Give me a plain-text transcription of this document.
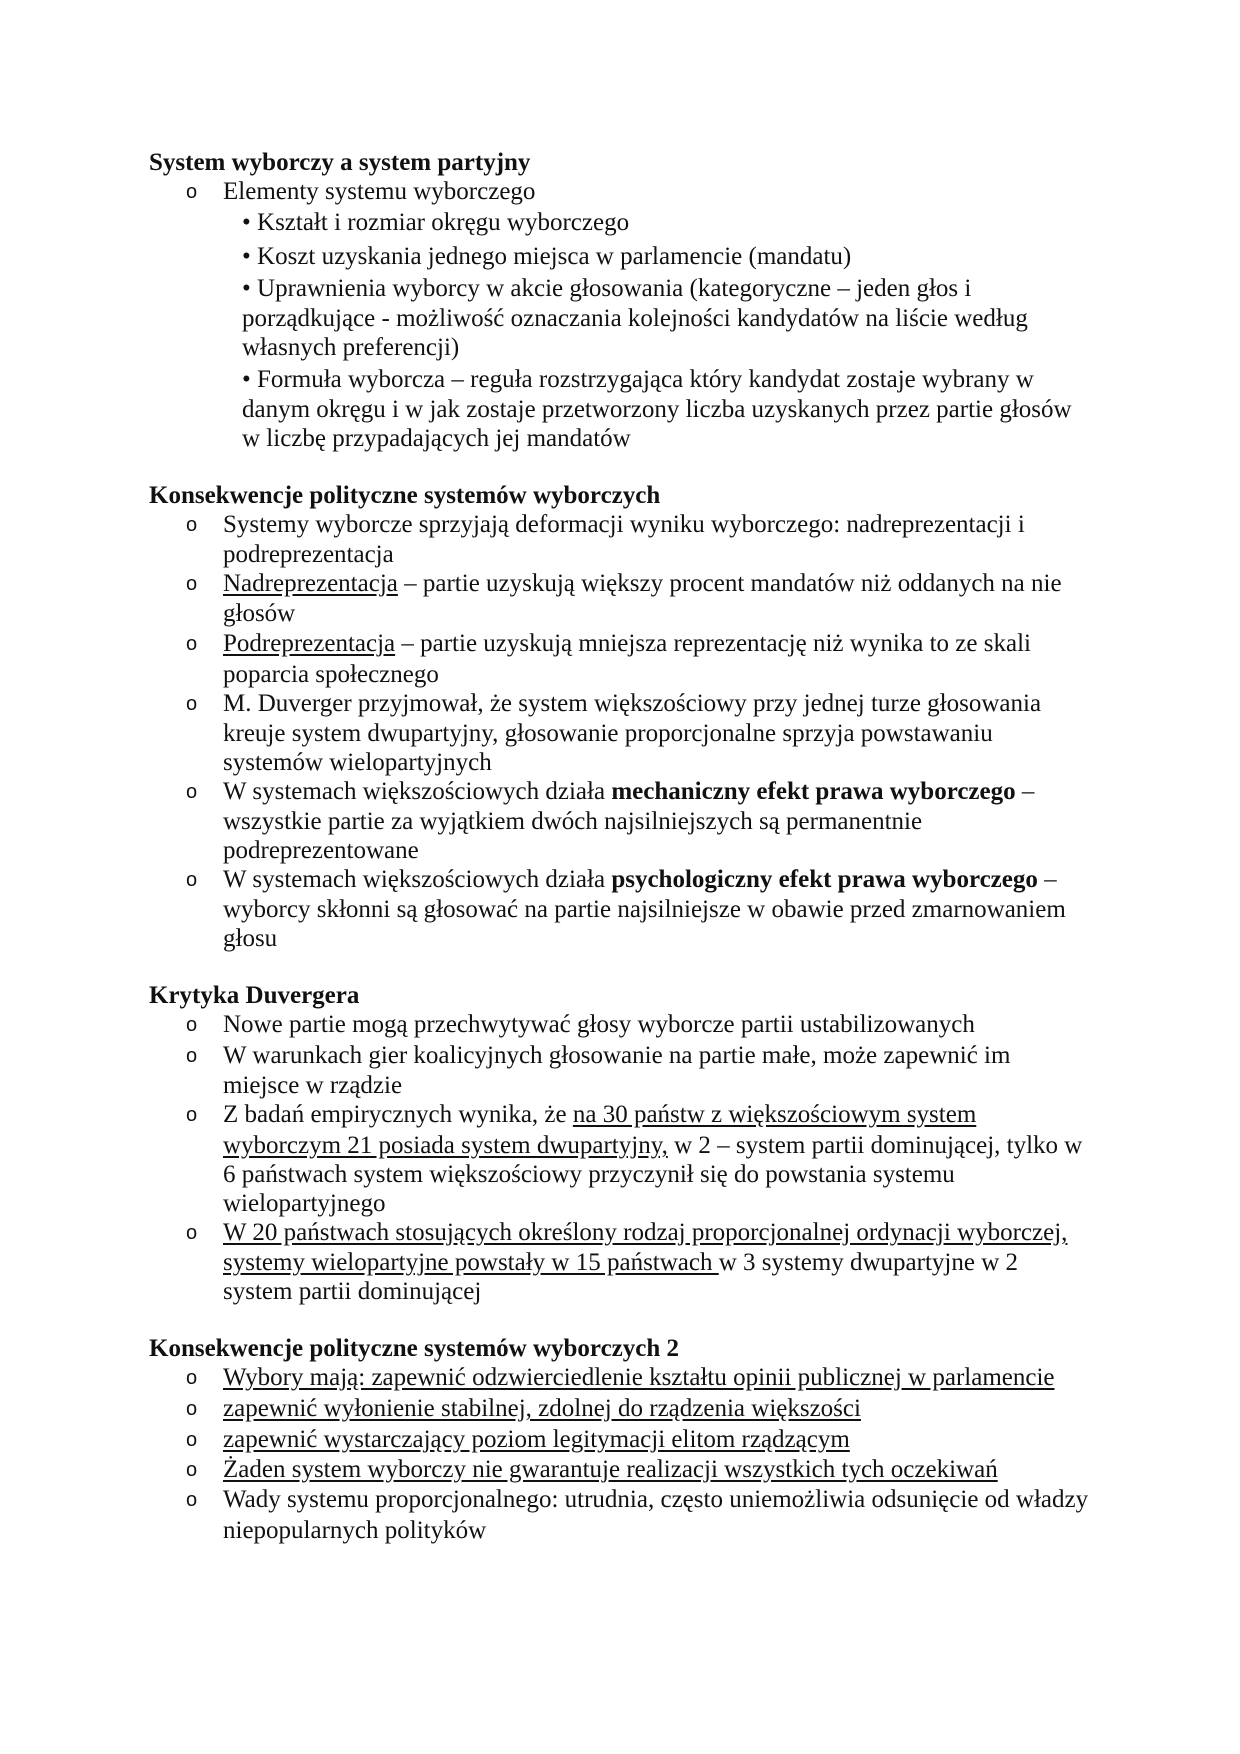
System wyborczy a system partyjny
o Elementy systemu wyborczego
• Kształt i rozmiar okręgu wyborczego
• Koszt uzyskania jednego miejsca w parlamencie (mandatu)
• Uprawnienia wyborcy w akcie głosowania (kategoryczne – jeden głos i
porządkujące - możliwość oznaczania kolejności kandydatów na liście według
własnych preferencji)
• Formuła wyborcza – reguła rozstrzygająca który kandydat zostaje wybrany w
danym okręgu i w jak zostaje przetworzony liczba uzyskanych przez partie głosów
w liczbę przypadających jej mandatów
Konsekwencje polityczne systemów wyborczych
o Systemy wyborcze sprzyjają deformacji wyniku wyborczego: nadreprezentacji i
podreprezentacja
o Nadreprezentacja – partie uzyskują większy procent mandatów niż oddanych na nie
głosów
o Podreprezentacja – partie uzyskują mniejsza reprezentację niż wynika to ze skali
poparcia społecznego
o M. Duverger przyjmował, że system większościowy przy jednej turze głosowania
kreuje system dwupartyjny, głosowanie proporcjonalne sprzyja powstawaniu
systemów wielopartyjnych
o W systemach większościowych działa mechaniczny efekt prawa wyborczego –
wszystkie partie za wyjątkiem dwóch najsilniejszych są permanentnie
podreprezentowane
o W systemach większościowych działa psychologiczny efekt prawa wyborczego –
wyborcy skłonni są głosować na partie najsilniejsze w obawie przed zmarnowaniem
głosu
Krytyka Duvergera
o Nowe partie mogą przechwytywać głosy wyborcze partii ustabilizowanych
o W warunkach gier koalicyjnych głosowanie na partie małe, może zapewnić im
miejsce w rządzie
o Z badań empirycznych wynika, że na 30 państw z większościowym system
wyborczym 21 posiada system dwupartyjny, w 2 – system partii dominującej, tylko w
6 państwach system większościowy przyczynił się do powstania systemu
wielopartyjnego
o W 20 państwach stosujących określony rodzaj proporcjonalnej ordynacji wyborczej,
systemy wielopartyjne powstały w 15 państwach w 3 systemy dwupartyjne w 2
system partii dominującej
Konsekwencje polityczne systemów wyborczych 2
o Wybory mają: zapewnić odzwierciedlenie kształtu opinii publicznej w parlamencie
o zapewnić wyłonienie stabilnej, zdolnej do rządzenia większości
o zapewnić wystarczający poziom legitymacji elitom rządzącym
o Żaden system wyborczy nie gwarantuje realizacji wszystkich tych oczekiwań
o Wady systemu proporcjonalnego: utrudnia, często uniemożliwia odsunięcie od władzy
niepopularnych polityków
